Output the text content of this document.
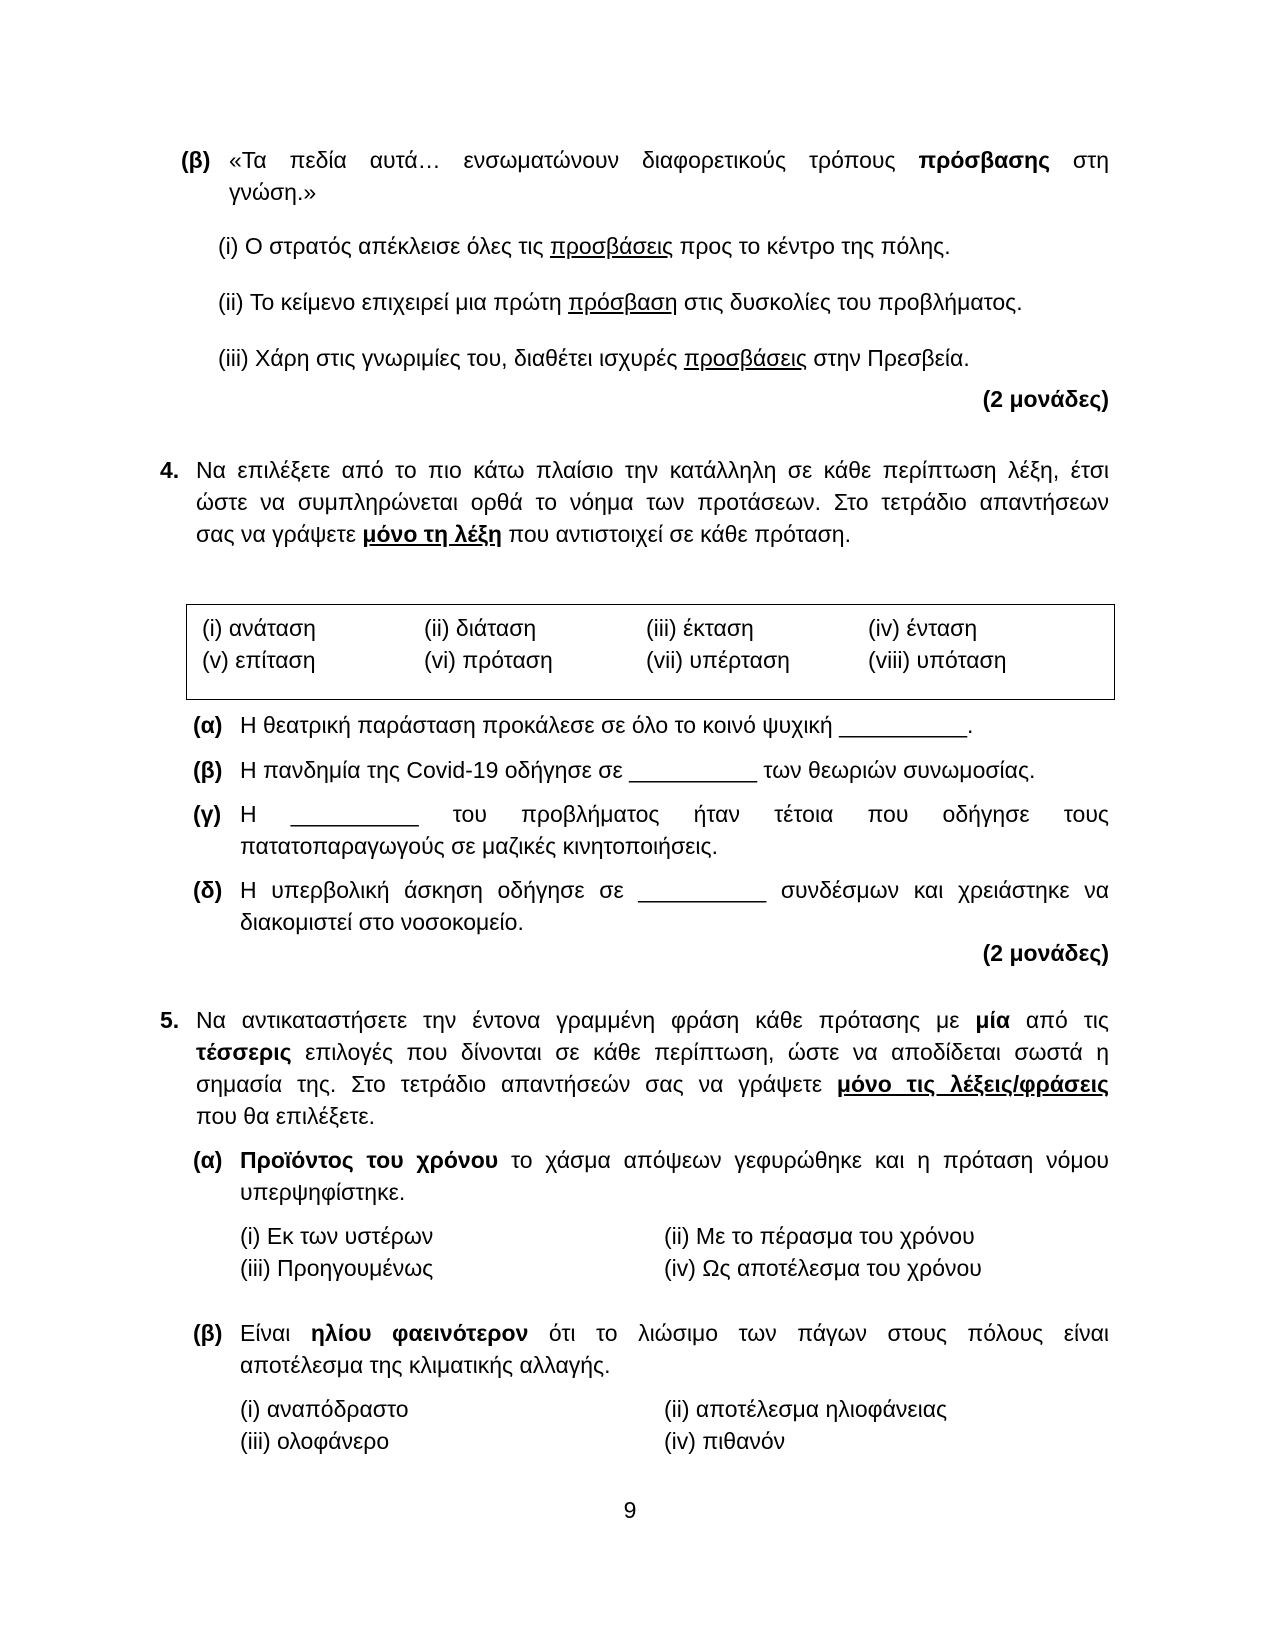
(β) «Τα πεδία αυτά… ενσωματώνουν διαφορετικούς τρόπους πρόσβασης στη
γνώση.»
(i) Ο στρατός απέκλεισε όλες τις προσβάσεις προς το κέντρο της πόλης.
(ii) Το κείμενο επιχειρεί μια πρώτη πρόσβαση στις δυσκολίες του προβλήματος.
(iii) Χάρη στις γνωριμίες του, διαθέτει ισχυρές προσβάσεις στην Πρεσβεία.
(2 μονάδες)
4. Να επιλέξετε από το πιο κάτω πλαίσιο την κατάλληλη σε κάθε περίπτωση λέξη, έτσι
ώστε να συμπληρώνεται ορθά το νόημα των προτάσεων. Στο τετράδιο απαντήσεων
σας να γράψετε μόνο τη λέξη που αντιστοιχεί σε κάθε πρόταση.
(i) ανάταση	(ii) διάταση	(iii) έκταση	(iv) ένταση
(v) επίταση	(vi) πρόταση	(vii) υπέρταση	(viii) υπόταση
(α) Η θεατρική παράσταση προκάλεσε σε όλο το κοινό ψυχική __________.
(β) Η πανδημία της Covid-19 οδήγησε σε __________ των θεωριών συνωμοσίας.
(γ) Η __________ του προβλήματος ήταν τέτοια που οδήγησε τους
πατατοπαραγωγούς σε μαζικές κινητοποιήσεις.
(δ) Η υπερβολική άσκηση οδήγησε σε __________ συνδέσμων και χρειάστηκε να
διακομιστεί στο νοσοκομείο.
(2 μονάδες)
5. Να αντικαταστήσετε την έντονα γραμμένη φράση κάθε πρότασης με μία από τις
τέσσερις επιλογές που δίνονται σε κάθε περίπτωση, ώστε να αποδίδεται σωστά η
σημασία της. Στο τετράδιο απαντήσεών σας να γράψετε μόνο τις λέξεις/φράσεις
που θα επιλέξετε.
(α) Προϊόντος του χρόνου το χάσμα απόψεων γεφυρώθηκε και η πρόταση νόμου
υπερψηφίστηκε.
(i) Εκ των υστέρων	(ii) Με το πέρασμα του χρόνου
(iii) Προηγουμένως	(iv) Ως αποτέλεσμα του χρόνου
(β) Είναι ηλίου φαεινότερον ότι το λιώσιμο των πάγων στους πόλους είναι
αποτέλεσμα της κλιματικής αλλαγής.
(i) αναπόδραστο	(ii) αποτέλεσμα ηλιοφάνειας
(iii) ολοφάνερο	(iv) πιθανόν
9
